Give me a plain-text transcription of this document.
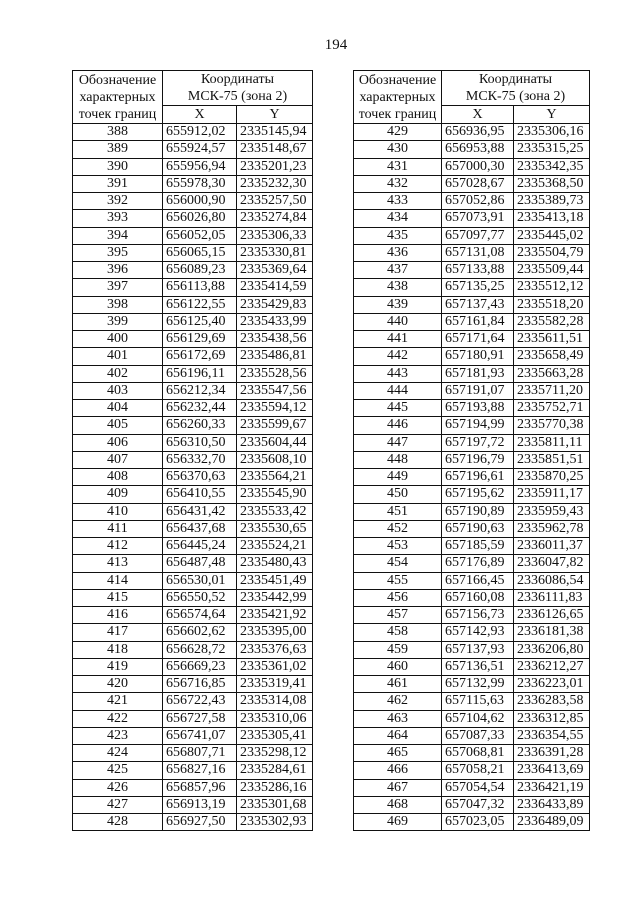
194
Обозначение
характерных
точек границ	Координаты
МСК-75 (зона 2)	

	X	Y
388	655912,02	2335145,94
389	655924,57	2335148,67
390	655956,94	2335201,23
391	655978,30	2335232,30
392	656000,90	2335257,50
393	656026,80	2335274,84
394	656052,05	2335306,33
395	656065,15	2335330,81
396	656089,23	2335369,64
397	656113,88	2335414,59
398	656122,55	2335429,83
399	656125,40	2335433,99
400	656129,69	2335438,56
401	656172,69	2335486,81
402	656196,11	2335528,56
403	656212,34	2335547,56
404	656232,44	2335594,12
405	656260,33	2335599,67
406	656310,50	2335604,44
407	656332,70	2335608,10
408	656370,63	2335564,21
409	656410,55	2335545,90
410	656431,42	2335533,42
411	656437,68	2335530,65
412	656445,24	2335524,21
413	656487,48	2335480,43
414	656530,01	2335451,49
415	656550,52	2335442,99
416	656574,64	2335421,92
417	656602,62	2335395,00
418	656628,72	2335376,63
419	656669,23	2335361,02
420	656716,85	2335319,41
421	656722,43	2335314,08
422	656727,58	2335310,06
423	656741,07	2335305,41
424	656807,71	2335298,12
425	656827,16	2335284,61
426	656857,96	2335286,16
427	656913,19	2335301,68
428	656927,50	2335302,93
Обозначение
характерных
точек границ	Координаты
МСК-75 (зона 2)	

	X	Y
429	656936,95	2335306,16
430	656953,88	2335315,25
431	657000,30	2335342,35
432	657028,67	2335368,50
433	657052,86	2335389,73
434	657073,91	2335413,18
435	657097,77	2335445,02
436	657131,08	2335504,79
437	657133,88	2335509,44
438	657135,25	2335512,12
439	657137,43	2335518,20
440	657161,84	2335582,28
441	657171,64	2335611,51
442	657180,91	2335658,49
443	657181,93	2335663,28
444	657191,07	2335711,20
445	657193,88	2335752,71
446	657194,99	2335770,38
447	657197,72	2335811,11
448	657196,79	2335851,51
449	657196,61	2335870,25
450	657195,62	2335911,17
451	657190,89	2335959,43
452	657190,63	2335962,78
453	657185,59	2336011,37
454	657176,89	2336047,82
455	657166,45	2336086,54
456	657160,08	2336111,83
457	657156,73	2336126,65
458	657142,93	2336181,38
459	657137,93	2336206,80
460	657136,51	2336212,27
461	657132,99	2336223,01
462	657115,63	2336283,58
463	657104,62	2336312,85
464	657087,33	2336354,55
465	657068,81	2336391,28
466	657058,21	2336413,69
467	657054,54	2336421,19
468	657047,32	2336433,89
469	657023,05	2336489,09
